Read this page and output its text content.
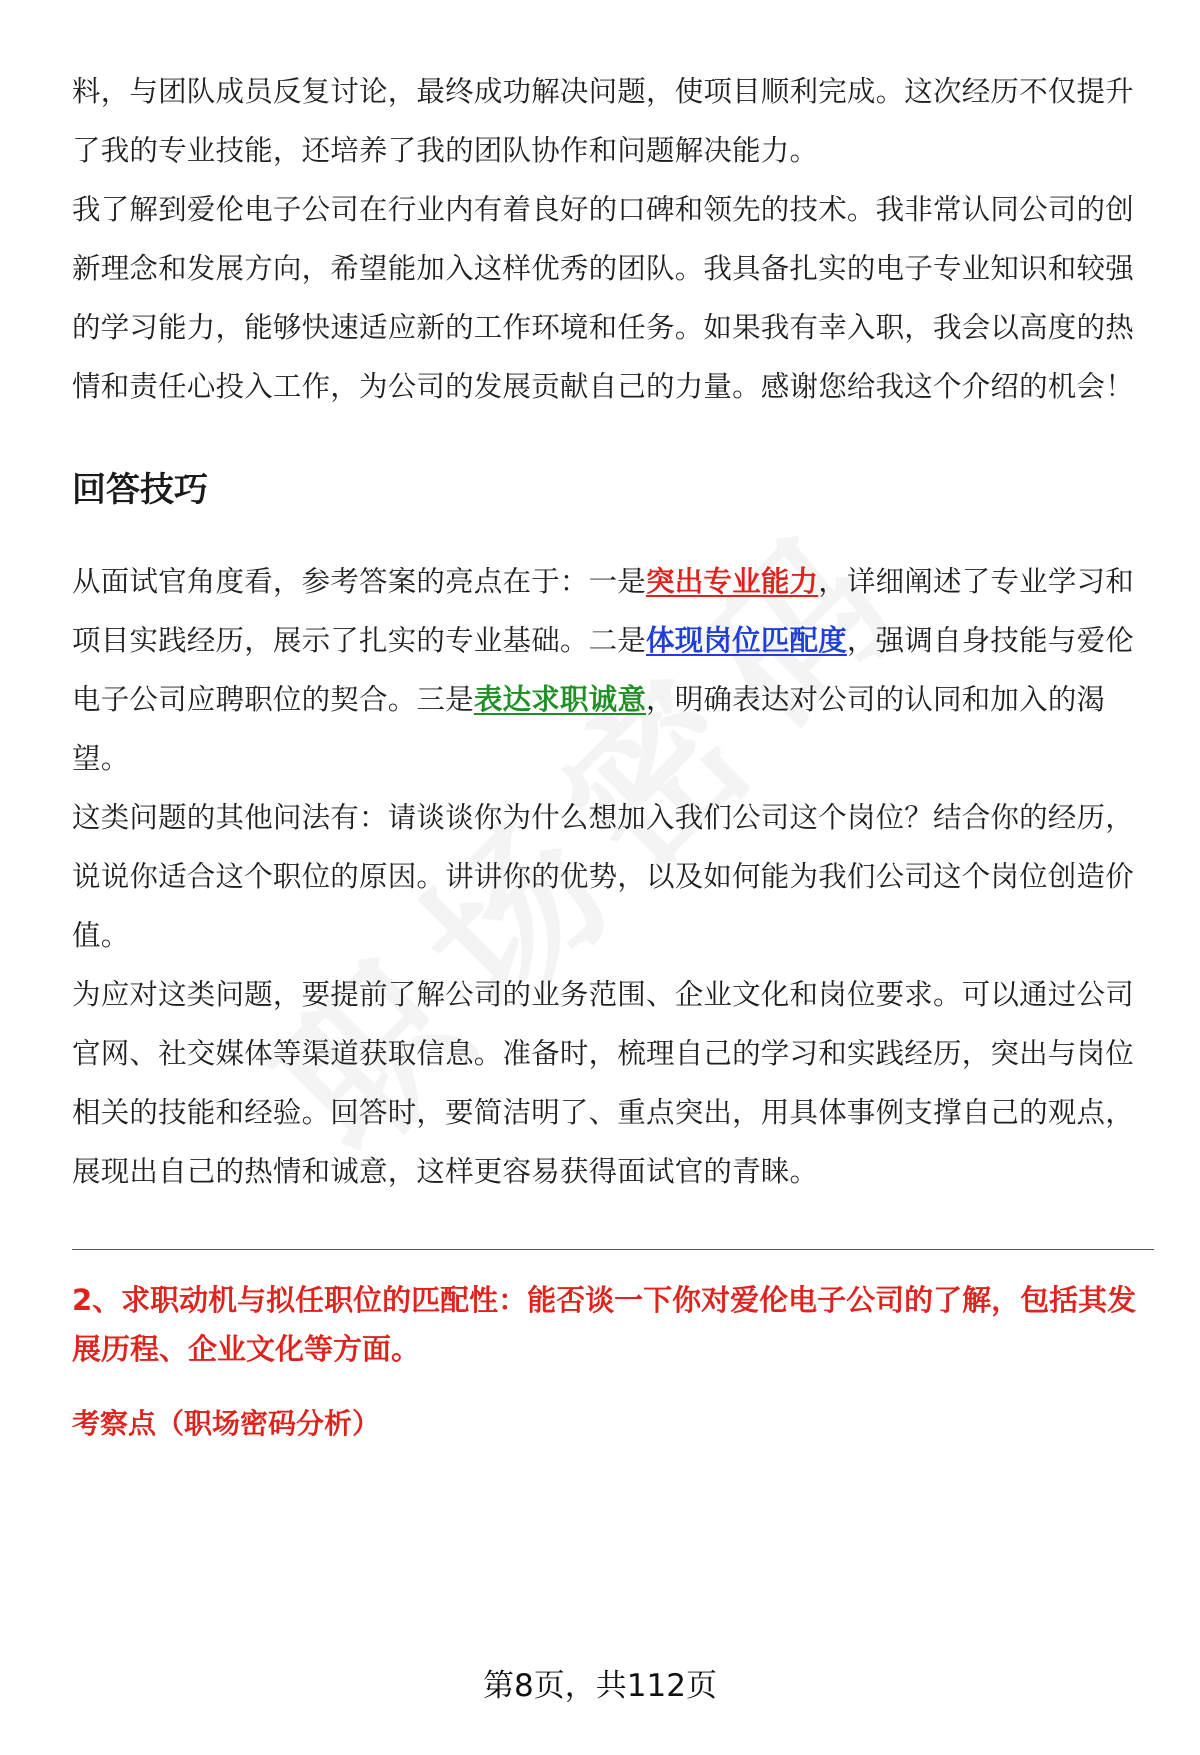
料，与团队成员反复讨论，最终成功解决问题，使项目顺利完成。这次经历不仅提升了我的专业技能，还培养了我的团队协作和问题解决能力。

我了解到爱伦电子公司在行业内有着良好的口碑和领先的技术。我非常认同公司的创新理念和发展方向，希望能加入这样优秀的团队。我具备扎实的电子专业知识和较强的学习能力，能够快速适应新的工作环境和任务。如果我有幸入职，我会以高度的热情和责任心投入工作，为公司的发展贡献自己的力量。感谢您给我这个介绍的机会！

回答技巧

从面试官角度看，参考答案的亮点在于：一是突出专业能力，详细阐述了专业学习和项目实践经历，展示了扎实的专业基础。二是体现岗位匹配度，强调自身技能与爱伦电子公司应聘职位的契合。三是表达求职诚意，明确表达对公司的认同和加入的渴望。

这类问题的其他问法有：请谈谈你为什么想加入我们公司这个岗位？结合你的经历，说说你适合这个职位的原因。讲讲你的优势，以及如何能为我们公司这个岗位创造价值。

为应对这类问题，要提前了解公司的业务范围、企业文化和岗位要求。可以通过公司官网、社交媒体等渠道获取信息。准备时，梳理自己的学习和实践经历，突出与岗位相关的技能和经验。回答时，要简洁明了、重点突出，用具体事例支撑自己的观点，展现出自己的热情和诚意，这样更容易获得面试官的青睐。

2、求职动机与拟任职位的匹配性：能否谈一下你对爱伦电子公司的了解，包括其发展历程、企业文化等方面。

考察点（职场密码分析）

第8页，共112页
